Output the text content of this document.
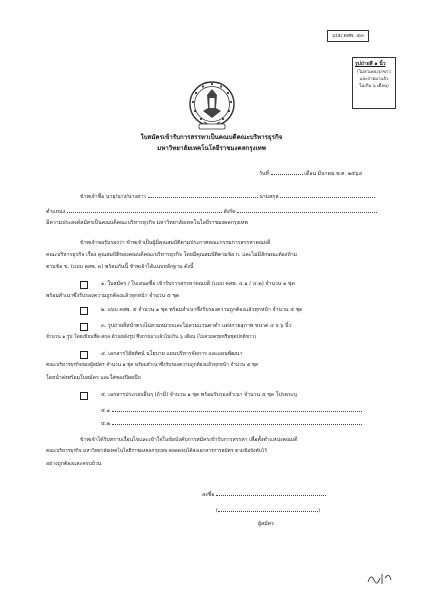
แบบ คสพ. ๔๓
รูปถ่ายสี ๑ นิ้ว
(ไม่สวมหมวกขาว
และถ่ายมาแล้ว
ไม่เกิน ๖ เดือน)
ใบสมัครเข้ารับการสรรหาเป็นคณบดีคณะบริหารธุรกิจ
มหาวิทยาลัยเทคโนโลยีราชมงคลกรุงเทพ
วันที่	เดือน มีนาคม พ.ศ. ๒๕๖๔
ข้าพเจ้าชื่อ นาย/นาง/นางสาว	นามสกุล
ตำแหน่ง	สังกัด
มีความประสงค์สมัครเป็นคณบดีคณะบริหารธุรกิจ มหาวิทยาลัยเทคโนโลยีราชมงคลกรุงเทพ
ข้าพเจ้าขอรับรองว่า ข้าพเจ้าเป็นผู้มีคุณสมบัติตามประกาศคณะกรรมการสรรหาคณบดี
คณะบริหารธุรกิจ เรื่อง คุณสมบัติของคณบดีคณะบริหารธุรกิจ โดยมีคุณสมบัติตามข้อ ก. และไม่มีลักษณะต้องห้าม
ตามข้อ ข. (แบบ คสพ. ๓) พร้อมกันนี้ ข้าพเจ้าได้แนบหลักฐาน ดังนี้
๑. ใบสมัคร / ใบเสนอชื่อ เข้ารับการสรรหาคณบดี (แบบ คสพ. ๔.๑ / ๔.๒) จำนวน ๑ ชุด
พร้อมสำเนาซึ่งรับรองความถูกต้องแล้วทุกหน้า จำนวน ๕ ชุด
๒. แบบ คสพ. ๕ จำนวน ๑ ชุด พร้อมสำเนาซึ่งรับรองความถูกต้องแล้วทุกหน้า จำนวน ๕ ชุด
๓. รูปถ่ายสีหน้าตรงไม่สวมหมวกและไม่สวมแว่นตาดำ แต่งกายสุภาพ ขนาด ๔ x ๖ นิ้ว
จำนวน ๑ รูป โดยเขียนชื่อ-สกุล ด้านหลังรูป ซึ่งถ่ายมาแล้วไม่เกิน ๖ เดือน (ไม่สวมครุยหรือชุดปกติขาว)
๔. เอกสารวิสัยทัศน์ นโยบาย แผนบริหารจัดการ และแผนพัฒนา
คณะบริหารธุรกิจของผู้สมัคร จำนวน ๑ ชุด พร้อมสำเนาซึ่งรับรองความถูกต้องแล้วทุกหน้า จำนวน ๕ ชุด
โดยนำส่งพร้อมใบสมัคร และใส่ซองปิดผนึก
๕. เอกสารประกอบอื่นๆ (ถ้ามี) จำนวน ๑ ชุด พร้อมรับรองสำเนา จำนวน ๕ ชุด โปรดระบุ
๕.๑
๕.๒
ข้าพเจ้าได้รับทราบเงื่อนไขและเข้าใจในข้อบังคับการสมัครเข้ารับการสรรหา เพื่อตั้งตำแหน่งคณบดี
คณะบริหารธุรกิจ มหาวิทยาลัยเทคโนโลยีราชมงคลกรุงเทพ ตลอดจนได้ส่งเอกสารการสมัคร ตามข้อบังคับไว้
อย่างถูกต้องและครบถ้วน
ลงชื่อ
(	)
ผู้สมัคร
